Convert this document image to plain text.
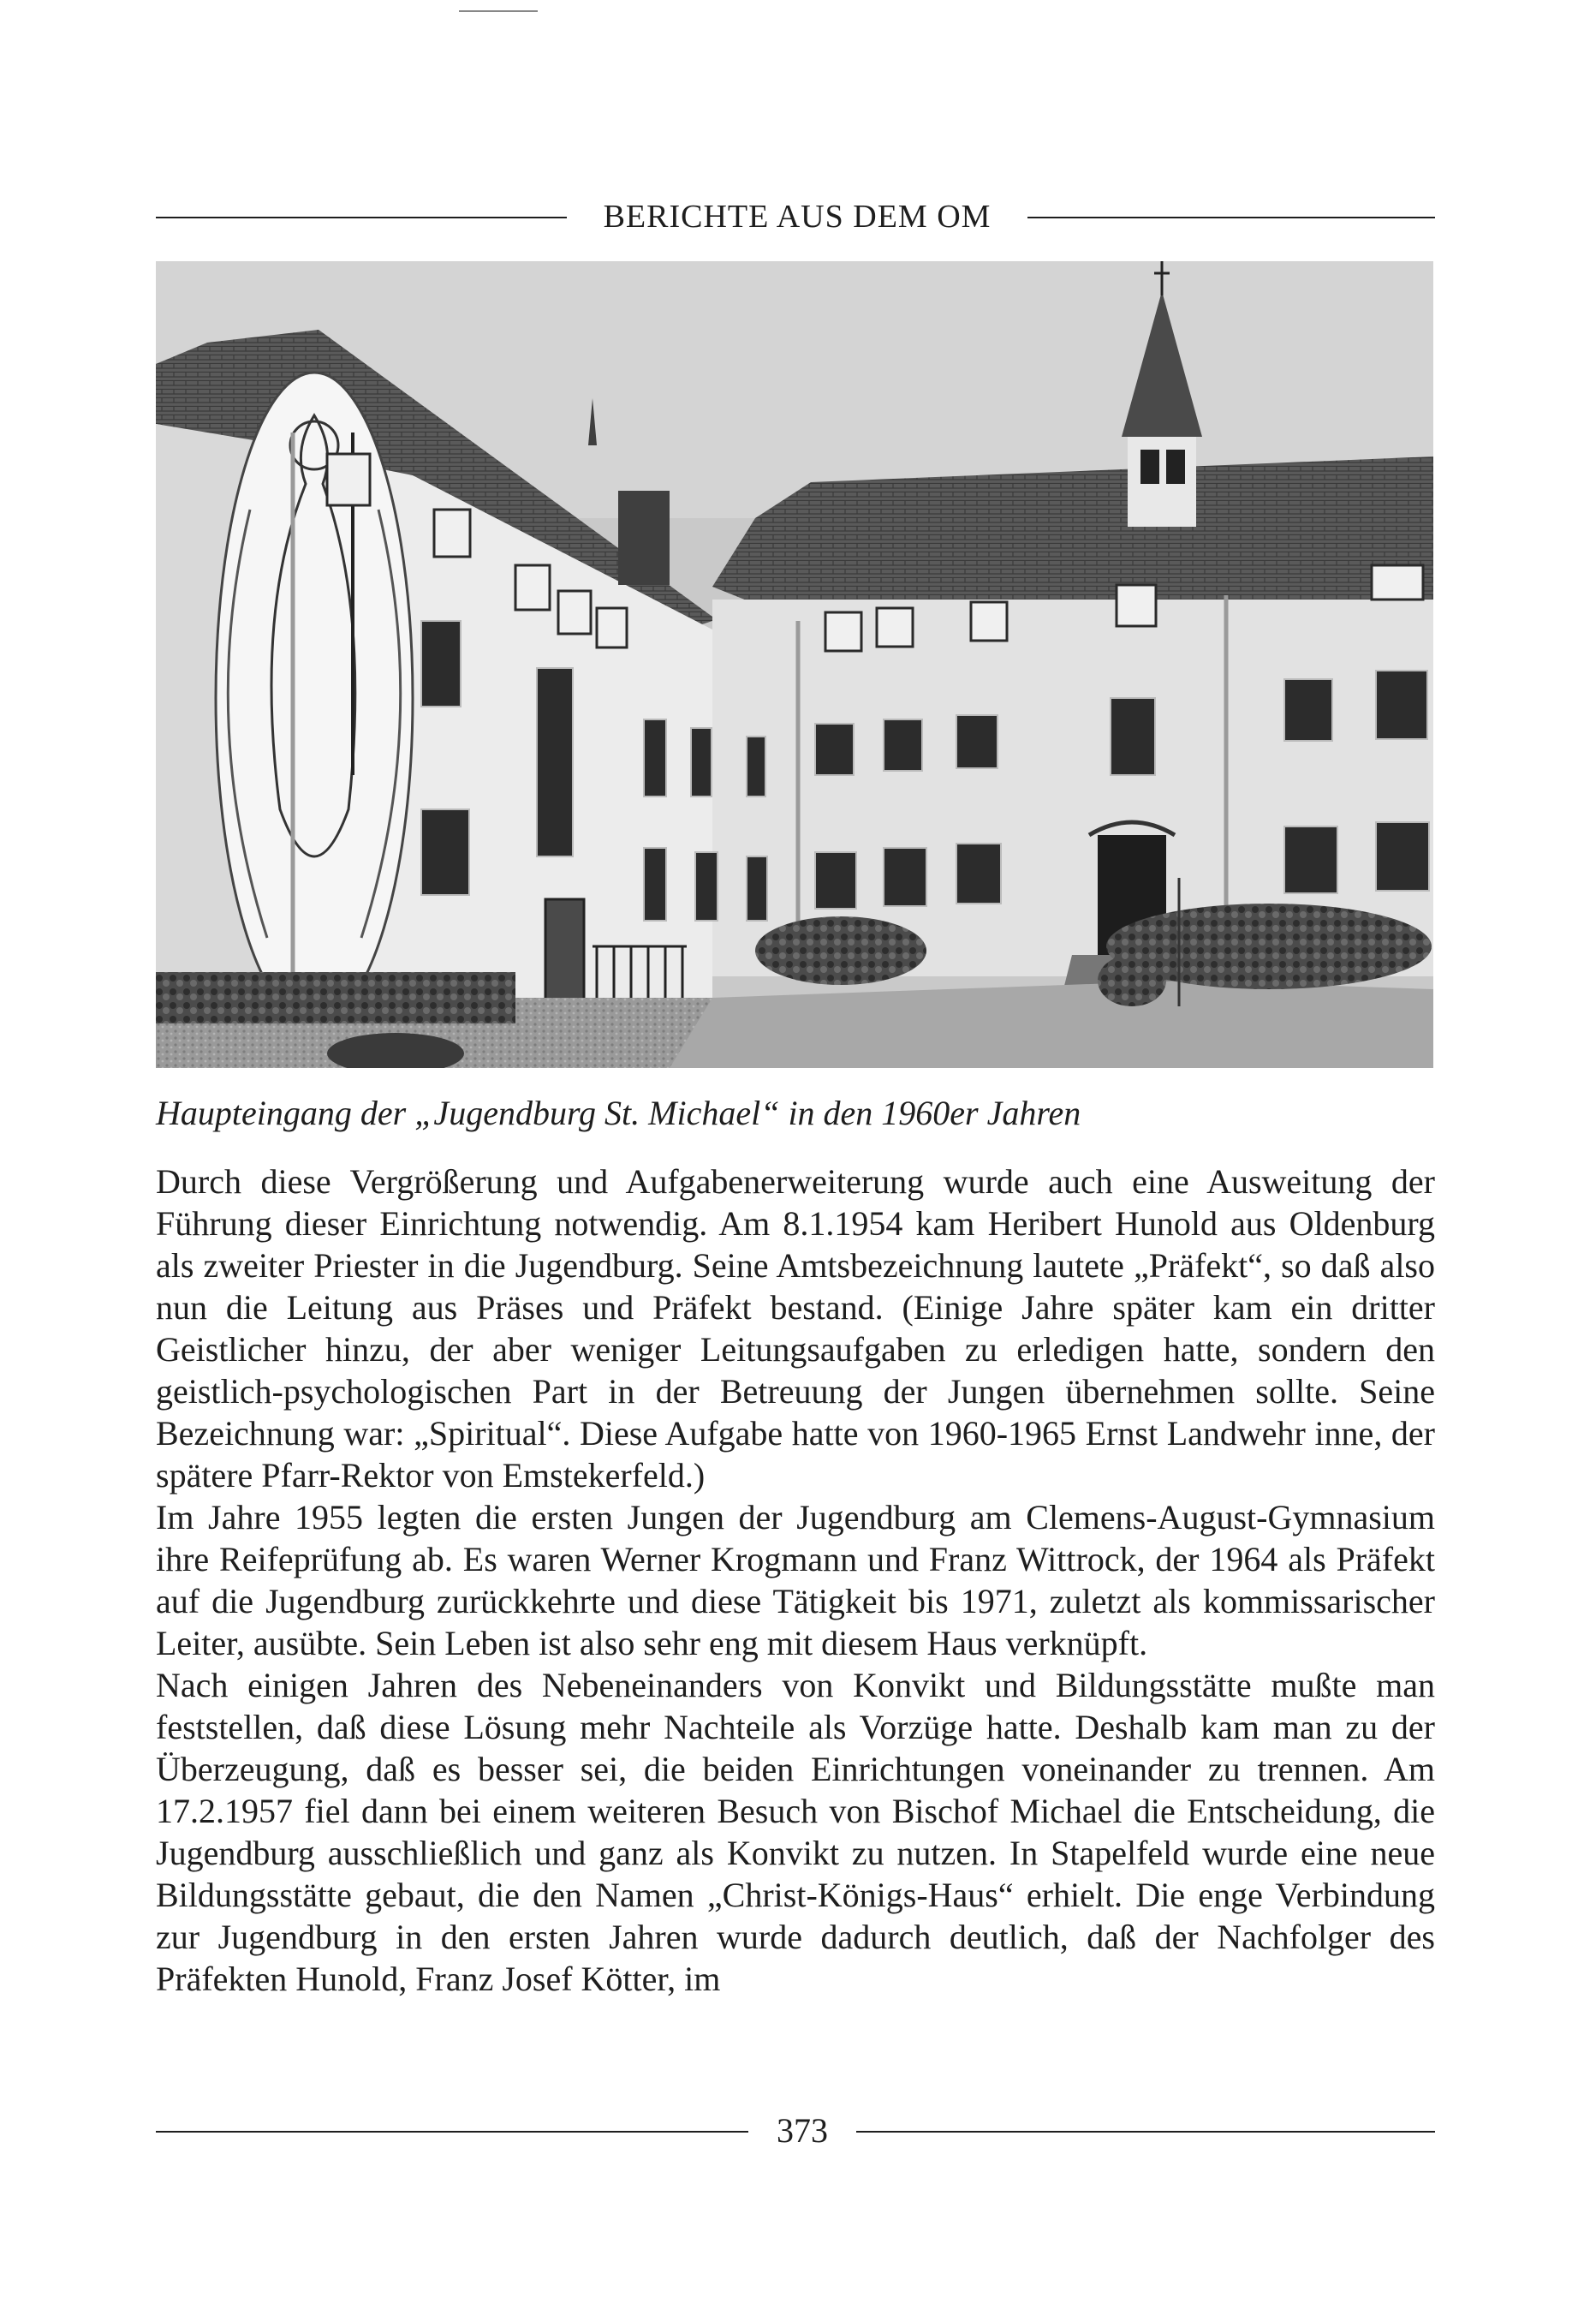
BERICHTE AUS DEM OM
Haupteingang der „Jugendburg St. Michael“ in den 1960er Jahren

Durch diese Vergrößerung und Aufgabenerweiterung wurde auch eine Ausweitung der Führung dieser Einrichtung notwendig. Am 8.1.1954 kam Heribert Hunold aus Oldenburg als zweiter Priester in die Jugendburg. Seine Amtsbezeichnung lautete „Präfekt“, so daß also nun die Leitung aus Präses und Präfekt bestand. (Einige Jahre später kam ein dritter Geistlicher hinzu, der aber weniger Leitungsaufgaben zu erledigen hatte, sondern den geistlich-psychologischen Part in der Betreuung der Jungen übernehmen sollte. Seine Bezeichnung war: „Spiritual“. Diese Aufgabe hatte von 1960-1965 Ernst Landwehr inne, der spätere Pfarr-Rektor von Emstekerfeld.)

Im Jahre 1955 legten die ersten Jungen der Jugendburg am Clemens-August-Gymnasium ihre Reifeprüfung ab. Es waren Werner Krogmann und Franz Wittrock, der 1964 als Präfekt auf die Jugendburg zurückkehrte und diese Tätigkeit bis 1971, zuletzt als kommissarischer Leiter, ausübte. Sein Leben ist also sehr eng mit diesem Haus verknüpft.

Nach einigen Jahren des Nebeneinanders von Konvikt und Bildungsstätte mußte man feststellen, daß diese Lösung mehr Nachteile als Vorzüge hatte. Deshalb kam man zu der Überzeugung, daß es besser sei, die beiden Einrichtungen voneinander zu trennen. Am 17.2.1957 fiel dann bei einem weiteren Besuch von Bischof Michael die Entscheidung, die Jugendburg ausschließlich und ganz als Konvikt zu nutzen. In Stapelfeld wurde eine neue Bildungsstätte gebaut, die den Namen „Christ-Königs-Haus“ erhielt. Die enge Verbindung zur Jugendburg in den ersten Jahren wurde dadurch deutlich, daß der Nachfolger des Präfekten Hunold, Franz Josef Kötter, im

373
